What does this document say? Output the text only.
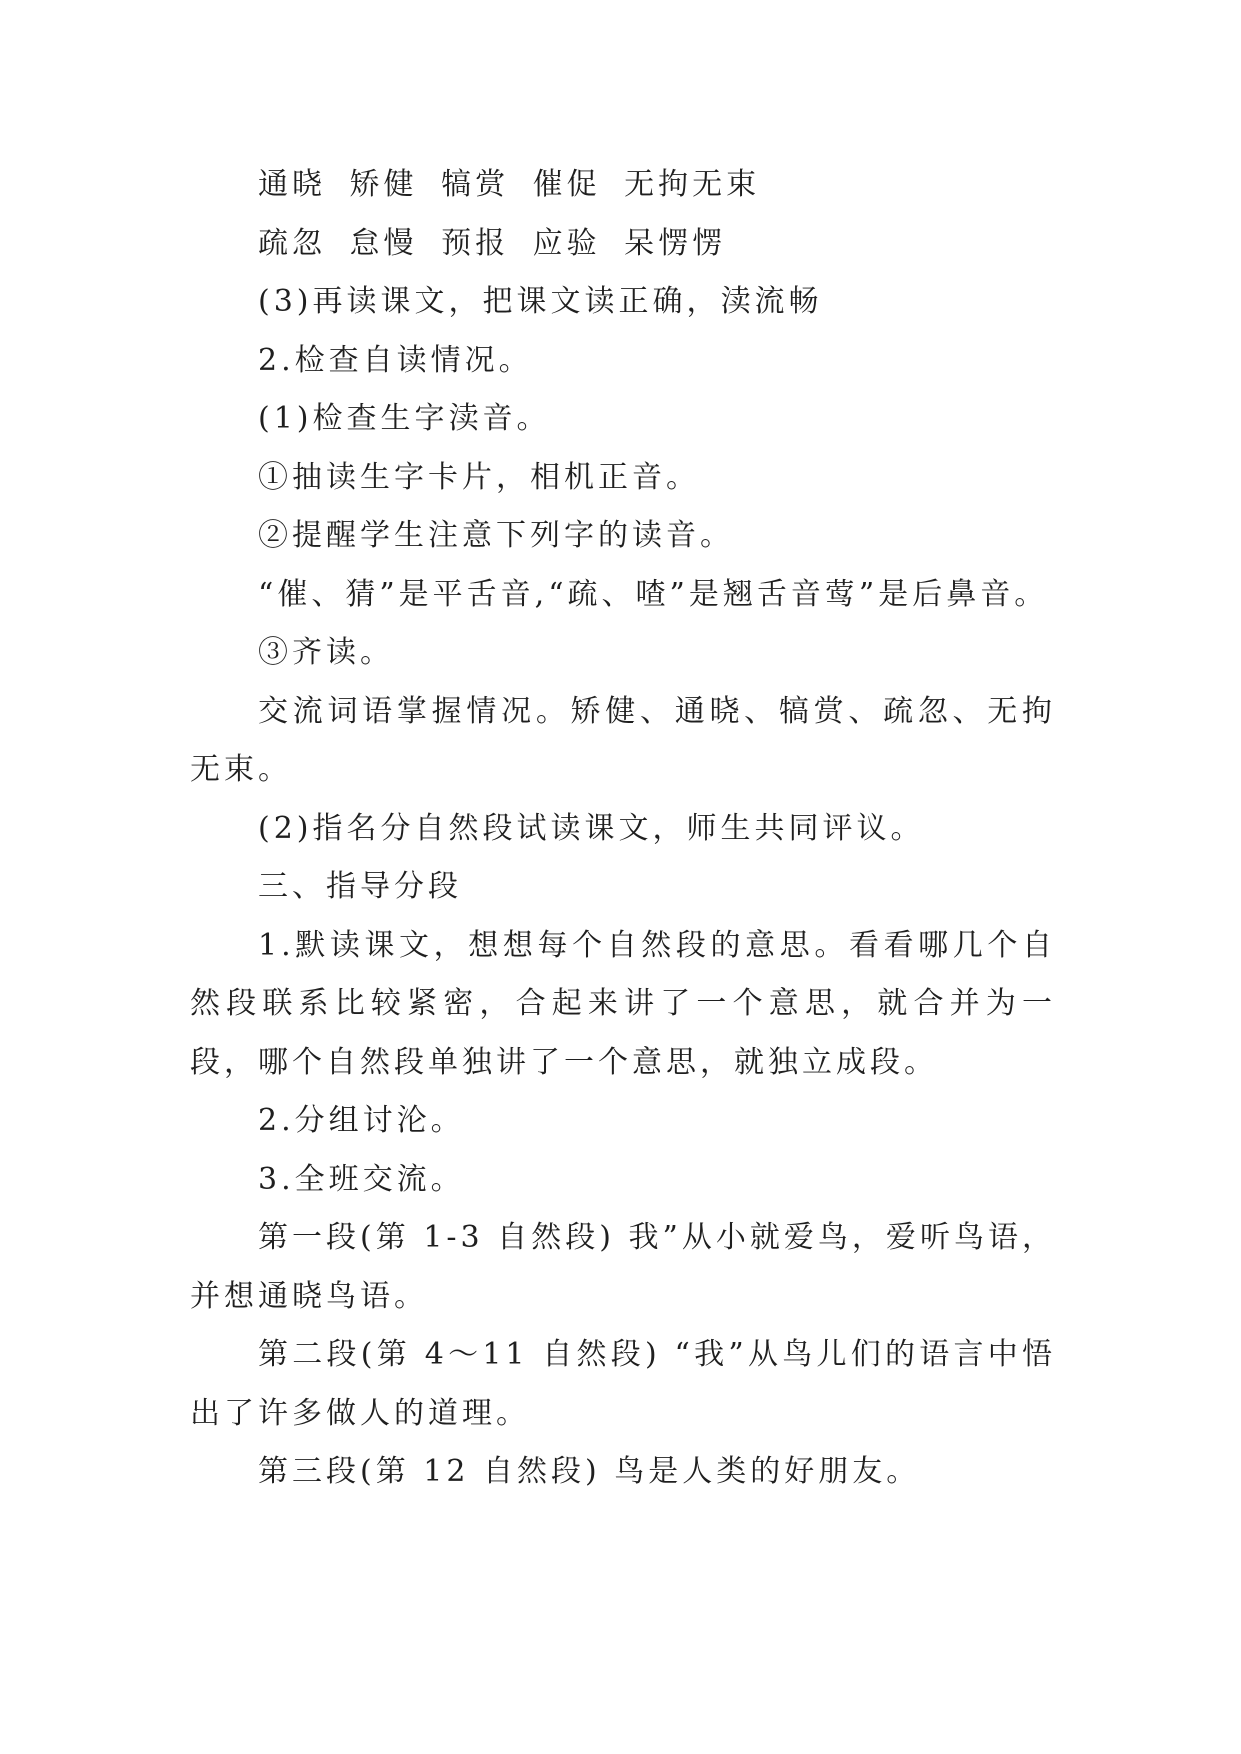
通晓 矫健 犒赏 催促 无拘无束

疏忽 怠慢 预报 应验 呆愣愣

(3)再读课文，把课文读正确，渎流畅

2.检查自读情况。

(1)检查生字渎音。

①抽读生字卡片，相机正音。

②提醒学生注意下列字的读音。

“催、猜”是平舌音,“疏、喳”是翘舌音莺”是后鼻音。

③齐读。

交流词语掌握情况。矫健、通晓、犒赏、疏忽、无拘无束。

(2)指名分自然段试读课文，师生共同评议。

三、指导分段

1.默读课文，想想每个自然段的意思。看看哪几个自然段联系比较紧密，合起来讲了一个意思，就合并为一段，哪个自然段单独讲了一个意思，就独立成段。

2.分组讨沦。

3.全班交流。

第一段(第 1-3 自然段) 我”从小就爱鸟，爱听鸟语，并想通晓鸟语。

第二段(第 4～11 自然段) “我”从鸟儿们的语言中悟出了许多做人的道理。

第三段(第 12 自然段) 鸟是人类的好朋友。
